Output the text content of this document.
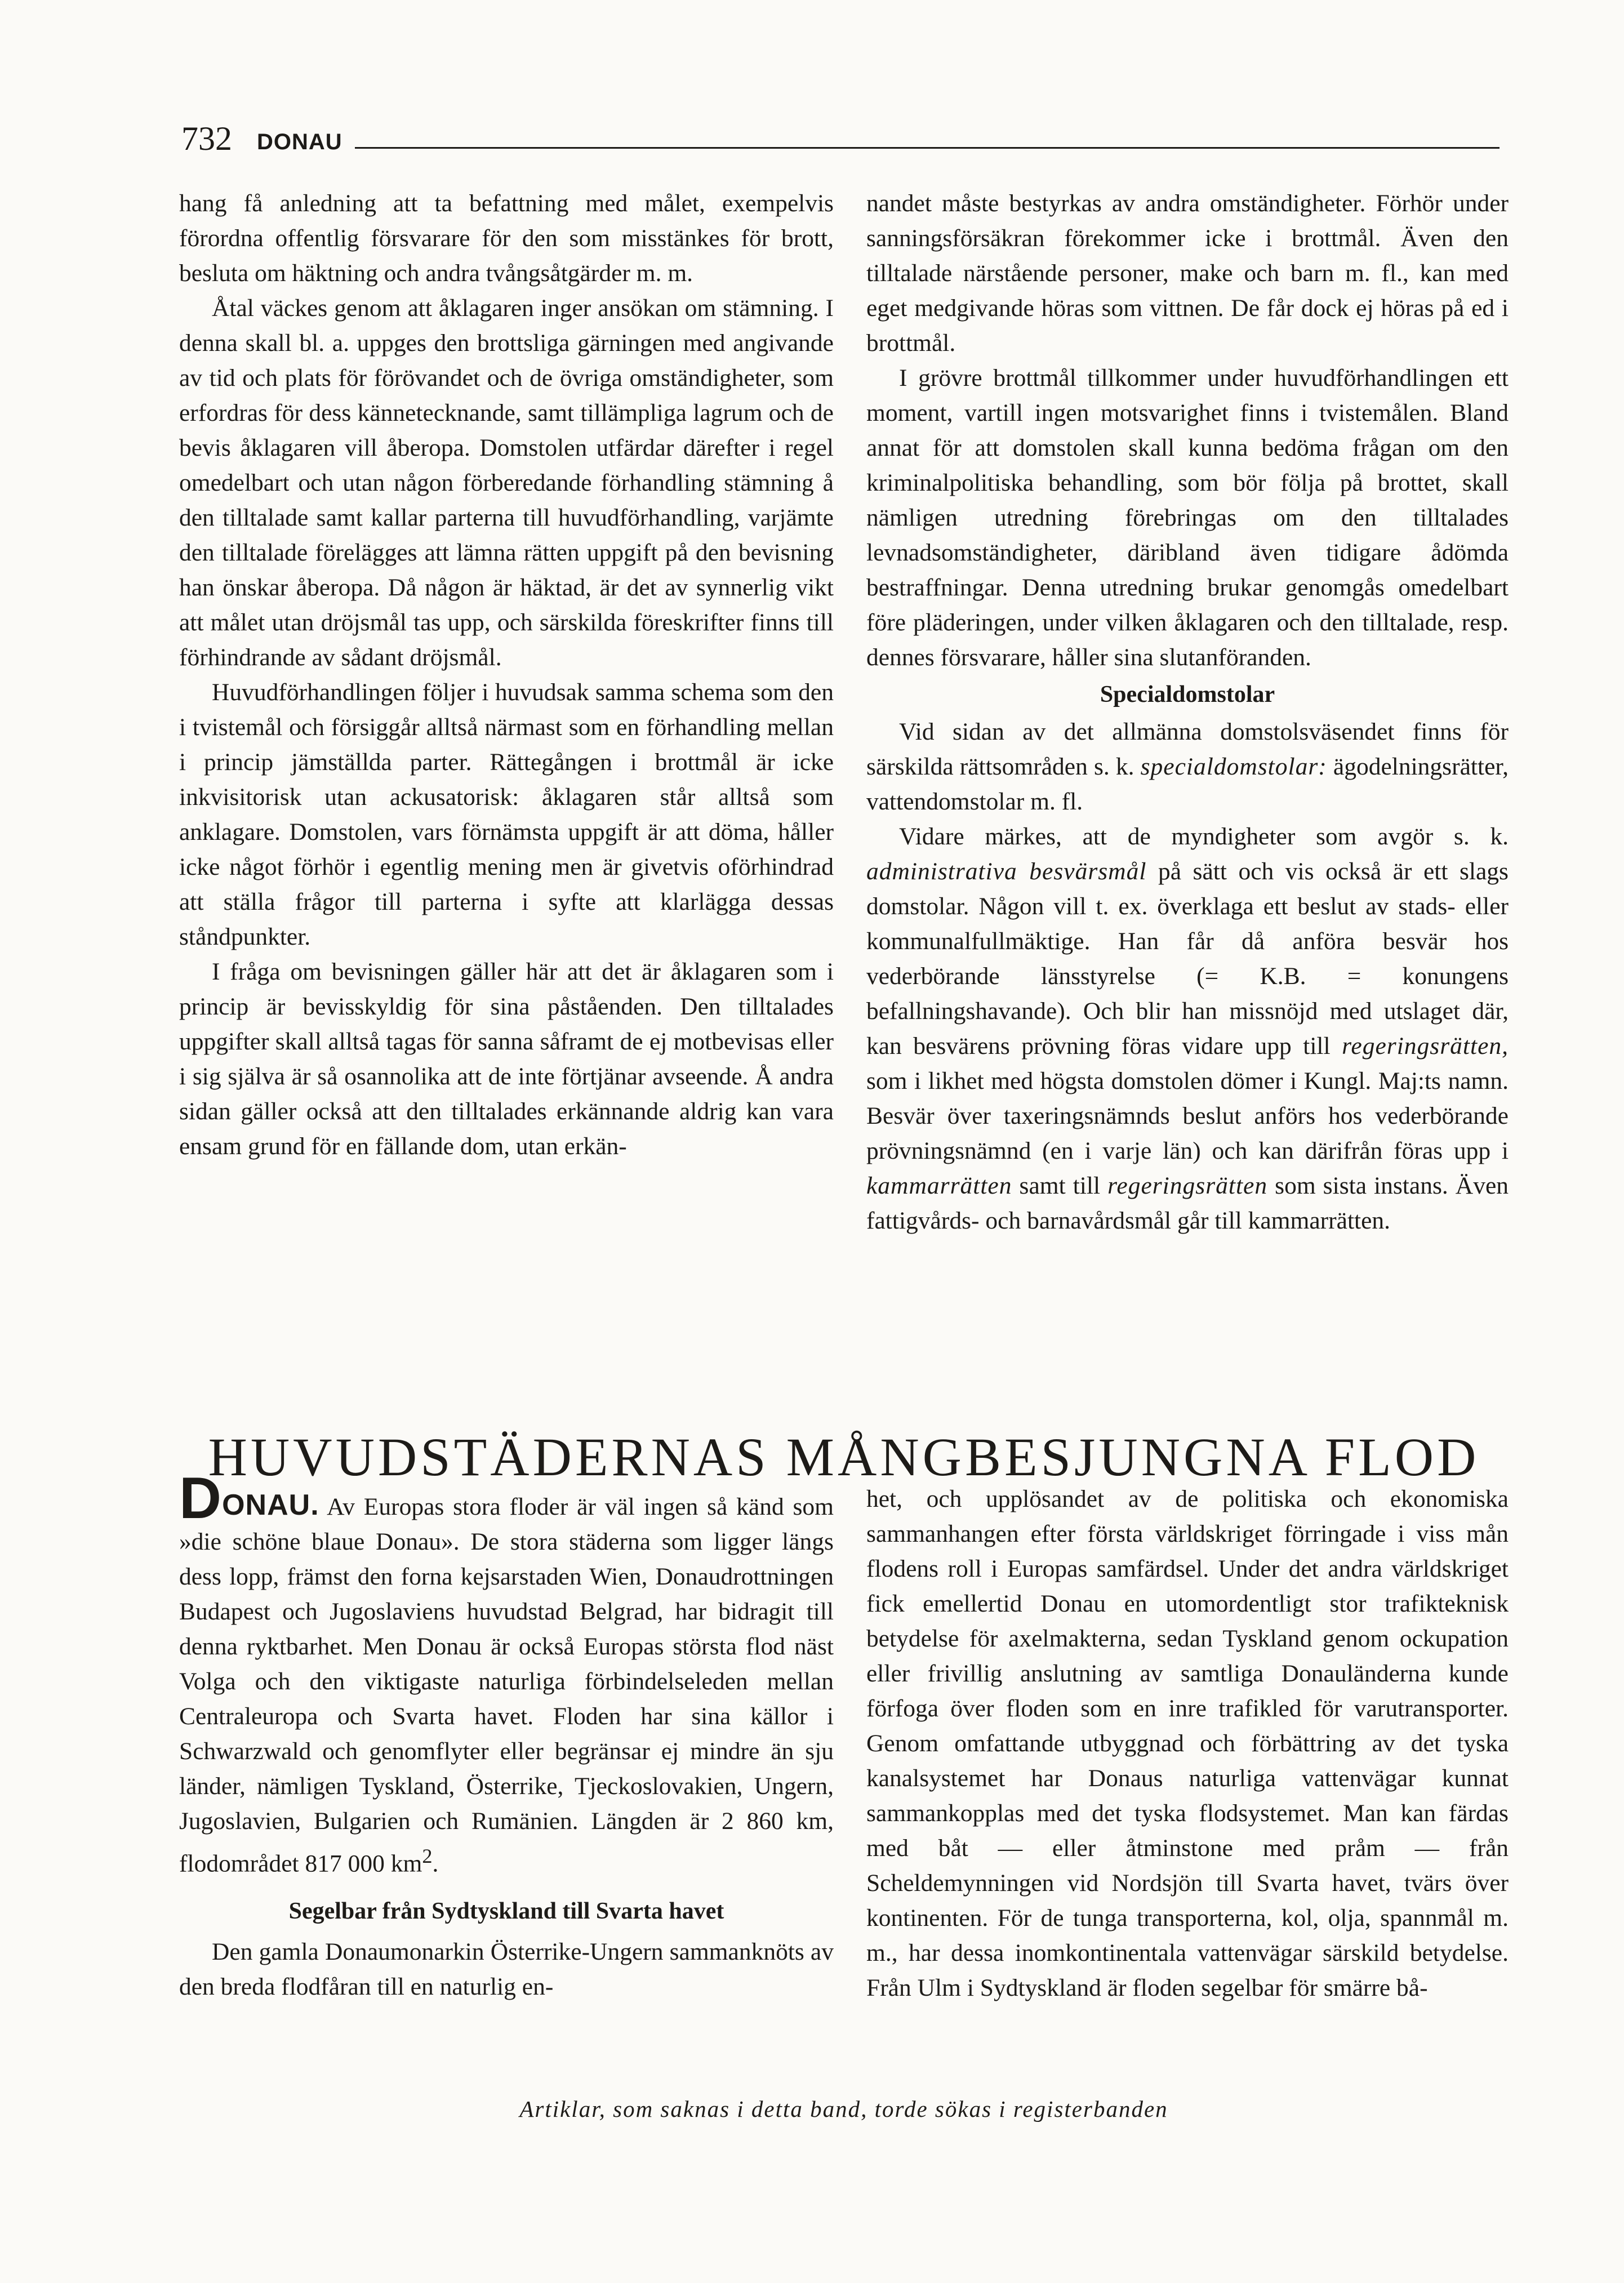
732 DONAU

hang få anledning att ta befattning med målet, exempelvis förordna offentlig försvarare för den som misstänkes för brott, besluta om häktning och andra tvångsåtgärder m. m.

Åtal väckes genom att åklagaren inger ansökan om stämning. I denna skall bl. a. uppges den brottsliga gärningen med angivande av tid och plats för förövandet och de övriga omständigheter, som erfordras för dess kännetecknande, samt tillämpliga lagrum och de bevis åklagaren vill åberopa. Domstolen utfärdar därefter i regel omedelbart och utan någon förberedande förhandling stämning å den tilltalade samt kallar parterna till huvudförhandling, varjämte den tilltalade förelägges att lämna rätten uppgift på den bevisning han önskar åberopa. Då någon är häktad, är det av synnerlig vikt att målet utan dröjsmål tas upp, och särskilda föreskrifter finns till förhindrande av sådant dröjsmål.

Huvudförhandlingen följer i huvudsak samma schema som den i tvistemål och försiggår alltså närmast som en förhandling mellan i princip jämställda parter. Rättegången i brottmål är icke inkvisitorisk utan ackusatorisk: åklagaren står alltså som anklagare. Domstolen, vars förnämsta uppgift är att döma, håller icke något förhör i egentlig mening men är givetvis oförhindrad att ställa frågor till parterna i syfte att klarlägga dessas ståndpunkter.

I fråga om bevisningen gäller här att det är åklagaren som i princip är bevisskyldig för sina påståenden. Den tilltalades uppgifter skall alltså tagas för sanna såframt de ej motbevisas eller i sig själva är så osannolika att de inte förtjänar avseende. Å andra sidan gäller också att den tilltalades erkännande aldrig kan vara ensam grund för en fällande dom, utan erkän-

nandet måste bestyrkas av andra omständigheter. Förhör under sanningsförsäkran förekommer icke i brottmål. Även den tilltalade närstående personer, make och barn m. fl., kan med eget medgivande höras som vittnen. De får dock ej höras på ed i brottmål.

I grövre brottmål tillkommer under huvudförhandlingen ett moment, vartill ingen motsvarighet finns i tvistemålen. Bland annat för att domstolen skall kunna bedöma frågan om den kriminalpolitiska behandling, som bör följa på brottet, skall nämligen utredning förebringas om den tilltalades levnadsomständigheter, däribland även tidigare ådömda bestraffningar. Denna utredning brukar genomgås omedelbart före pläderingen, under vilken åklagaren och den tilltalade, resp. dennes försvarare, håller sina slutanföranden.

Specialdomstolar

Vid sidan av det allmänna domstolsväsendet finns för särskilda rättsområden s. k. specialdomstolar: ägodelningsrätter, vattendomstolar m. fl.

Vidare märkes, att de myndigheter som avgör s. k. administrativa besvärsmål på sätt och vis också är ett slags domstolar. Någon vill t. ex. överklaga ett beslut av stads- eller kommunalfullmäktige. Han får då anföra besvär hos vederbörande länsstyrelse (= K.B. = konungens befallningshavande). Och blir han missnöjd med utslaget där, kan besvärens prövning föras vidare upp till regeringsrätten, som i likhet med högsta domstolen dömer i Kungl. Maj:ts namn. Besvär över taxeringsnämnds beslut anförs hos vederbörande prövningsnämnd (en i varje län) och kan därifrån föras upp i kammarrätten samt till regeringsrätten som sista instans. Även fattigvårds- och barnavårdsmål går till kammarrätten.

HUVUDSTÄDERNAS MÅNGBESJUNGNA FLOD

DONAU. Av Europas stora floder är väl ingen så känd som »die schöne blaue Donau». De stora städerna som ligger längs dess lopp, främst den forna kejsarstaden Wien, Donaudrottningen Budapest och Jugoslaviens huvudstad Belgrad, har bidragit till denna ryktbarhet. Men Donau är också Europas största flod näst Volga och den viktigaste naturliga förbindelseleden mellan Centraleuropa och Svarta havet. Floden har sina källor i Schwarzwald och genomflyter eller begränsar ej mindre än sju länder, nämligen Tyskland, Österrike, Tjeckoslovakien, Ungern, Jugoslavien, Bulgarien och Rumänien. Längden är 2 860 km, flodområdet 817 000 $km^2$.

Segelbar från Sydtyskland till Svarta havet

Den gamla Donaumonarkin Österrike-Ungern sammanknöts av den breda flodfåran till en naturlig en-

het, och upplösandet av de politiska och ekonomiska sammanhangen efter första världskriget förringade i viss mån flodens roll i Europas samfärdsel. Under det andra världskriget fick emellertid Donau en utomordentligt stor trafikteknisk betydelse för axelmakterna, sedan Tyskland genom ockupation eller frivillig anslutning av samtliga Donauländerna kunde förfoga över floden som en inre trafikled för varutransporter. Genom omfattande utbyggnad och förbättring av det tyska kanalsystemet har Donaus naturliga vattenvägar kunnat sammankopplas med det tyska flodsystemet. Man kan färdas med båt — eller åtminstone med pråm — från Scheldemynningen vid Nordsjön till Svarta havet, tvärs över kontinenten. För de tunga transporterna, kol, olja, spannmål m. m., har dessa inomkontinentala vattenvägar särskild betydelse. Från Ulm i Sydtyskland är floden segelbar för smärre bå-

Artiklar, som saknas i detta band, torde sökas i registerbanden
